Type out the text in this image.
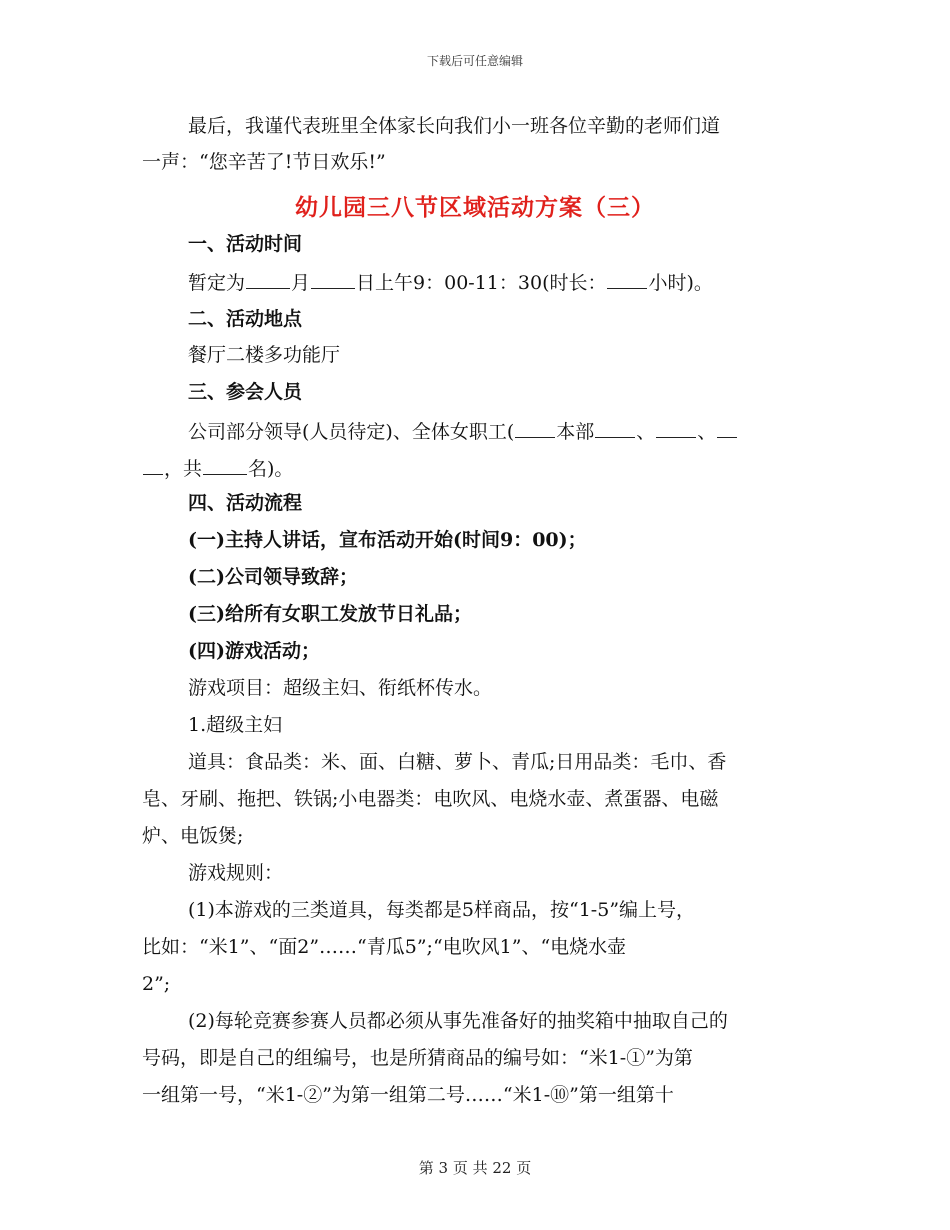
下载后可任意编辑
最后，我谨代表班里全体家长向我们小一班各位辛勤的老师们道
一声：“您辛苦了!节日欢乐!”
幼儿园三八节区域活动方案（三）
一、活动时间
暂定为 月 日上午9：00-11：30(时长： 小时)。
二、活动地点
餐厅二楼多功能厅
三、参会人员
公司部分领导(人员待定)、全体女职工( 本部 、 、
，共 名)。
四、活动流程
(一)主持人讲话，宣布活动开始(时间9：00)；
(二)公司领导致辞；
(三)给所有女职工发放节日礼品；
(四)游戏活动；
游戏项目：超级主妇、衔纸杯传水。
1.超级主妇
道具：食品类：米、面、白糖、萝卜、青瓜;日用品类：毛巾、香
皂、牙刷、拖把、铁锅;小电器类：电吹风、电烧水壶、煮蛋器、电磁
炉、电饭煲;
游戏规则：
(1)本游戏的三类道具，每类都是5样商品，按“1-5”编上号，
比如：“米1”、“面2”……“青瓜5”;“电吹风1”、“电烧水壶
2”;
(2)每轮竞赛参赛人员都必须从事先准备好的抽奖箱中抽取自己的
号码，即是自己的组编号，也是所猜商品的编号如：“米1-①”为第
一组第一号，“米1-②”为第一组第二号……“米1-⑩”第一组第十
第 3 页 共 22 页
